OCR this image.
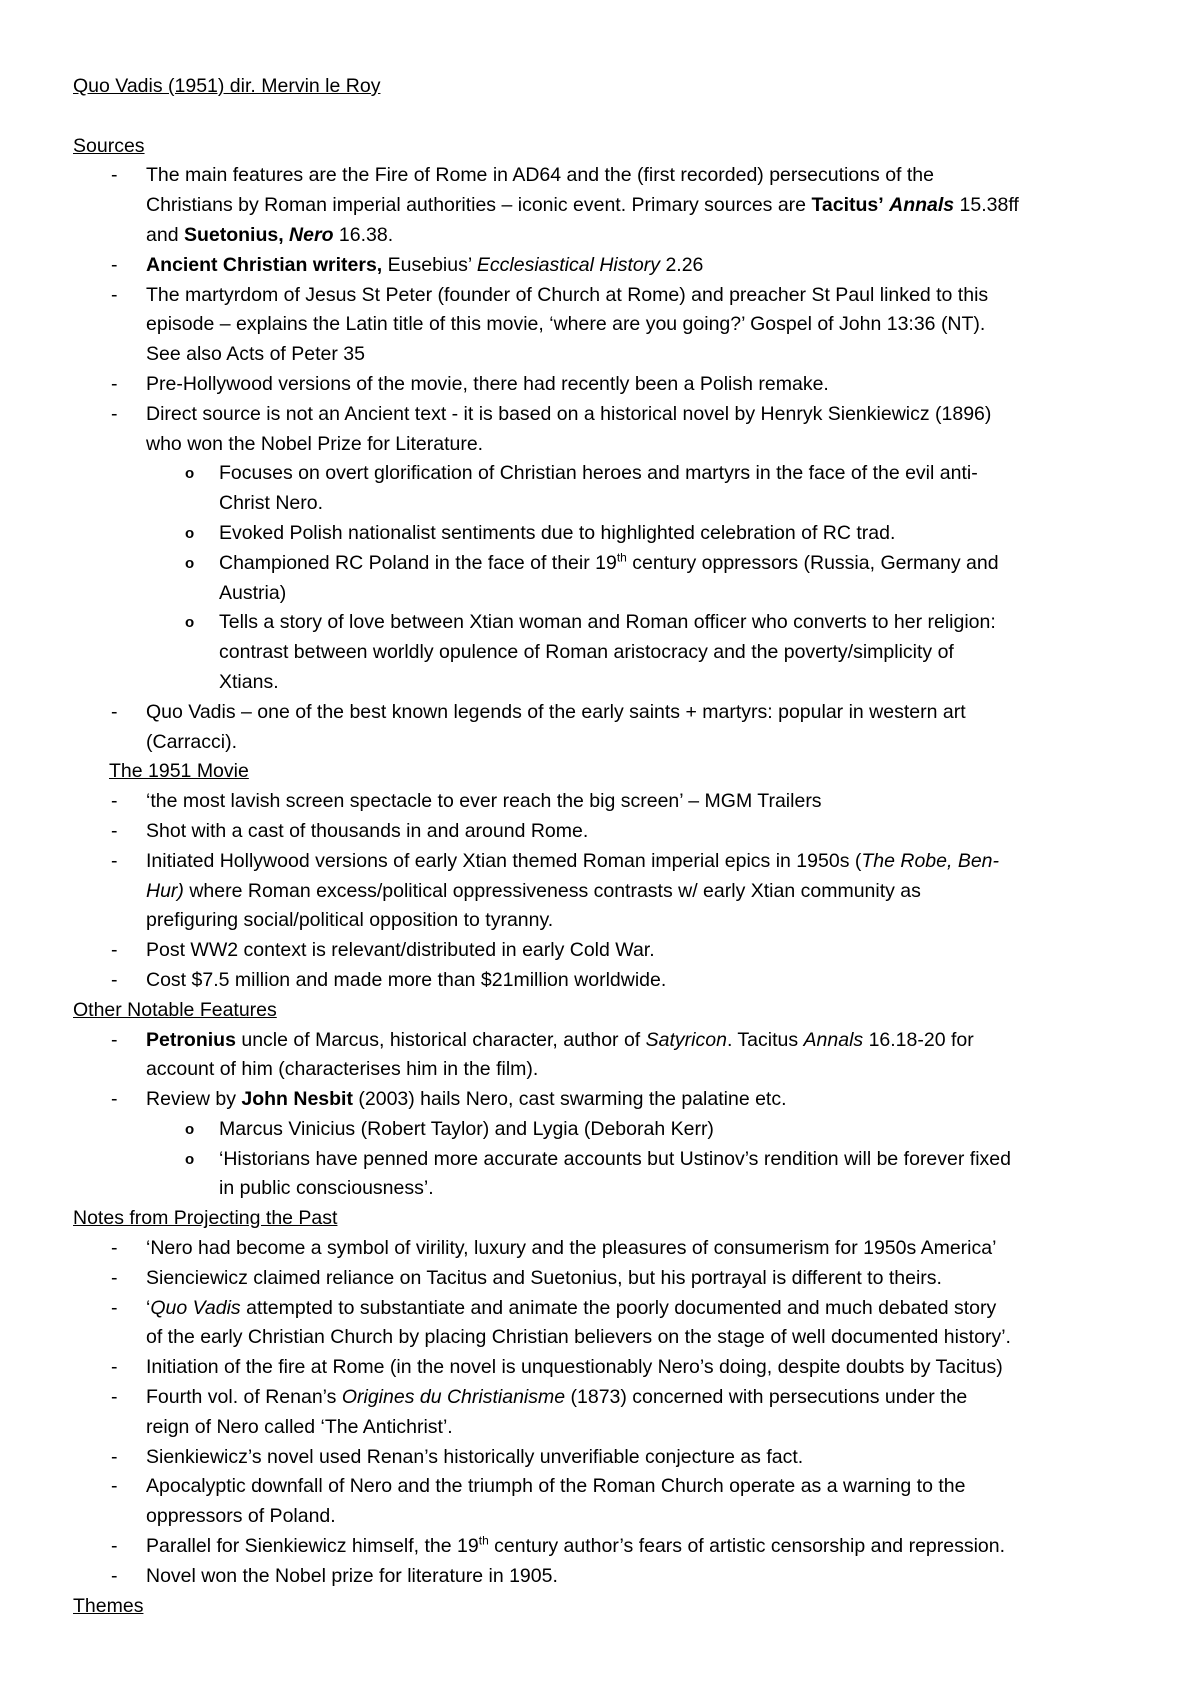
Quo Vadis (1951) dir. Mervin le Roy
Sources
- The main features are the Fire of Rome in AD64 and the (first recorded) persecutions of the
Christians by Roman imperial authorities – iconic event. Primary sources are Tacitus’ Annals 15.38ff
and Suetonius, Nero 16.38.
- Ancient Christian writers, Eusebius’ Ecclesiastical History 2.26
- The martyrdom of Jesus St Peter (founder of Church at Rome) and preacher St Paul linked to this
episode – explains the Latin title of this movie, ‘where are you going?’ Gospel of John 13:36 (NT).
See also Acts of Peter 35
- Pre-Hollywood versions of the movie, there had recently been a Polish remake.
- Direct source is not an Ancient text - it is based on a historical novel by Henryk Sienkiewicz (1896)
who won the Nobel Prize for Literature.
o Focuses on overt glorification of Christian heroes and martyrs in the face of the evil anti-
Christ Nero.
o Evoked Polish nationalist sentiments due to highlighted celebration of RC trad.
o Championed RC Poland in the face of their 19th century oppressors (Russia, Germany and
Austria)
o Tells a story of love between Xtian woman and Roman officer who converts to her religion:
contrast between worldly opulence of Roman aristocracy and the poverty/simplicity of
Xtians.
- Quo Vadis – one of the best known legends of the early saints + martyrs: popular in western art
(Carracci).
The 1951 Movie
- ‘the most lavish screen spectacle to ever reach the big screen’ – MGM Trailers
- Shot with a cast of thousands in and around Rome.
- Initiated Hollywood versions of early Xtian themed Roman imperial epics in 1950s (The Robe, Ben-
Hur) where Roman excess/political oppressiveness contrasts w/ early Xtian community as
prefiguring social/political opposition to tyranny.
- Post WW2 context is relevant/distributed in early Cold War.
- Cost $7.5 million and made more than $21million worldwide.
Other Notable Features
- Petronius uncle of Marcus, historical character, author of Satyricon. Tacitus Annals 16.18-20 for
account of him (characterises him in the film).
- Review by John Nesbit (2003) hails Nero, cast swarming the palatine etc.
o Marcus Vinicius (Robert Taylor) and Lygia (Deborah Kerr)
o ‘Historians have penned more accurate accounts but Ustinov’s rendition will be forever fixed
in public consciousness’.
Notes from Projecting the Past
- ‘Nero had become a symbol of virility, luxury and the pleasures of consumerism for 1950s America’
- Sienciewicz claimed reliance on Tacitus and Suetonius, but his portrayal is different to theirs.
- ‘Quo Vadis attempted to substantiate and animate the poorly documented and much debated story
of the early Christian Church by placing Christian believers on the stage of well documented history’.
- Initiation of the fire at Rome (in the novel is unquestionably Nero’s doing, despite doubts by Tacitus)
- Fourth vol. of Renan’s Origines du Christianisme (1873) concerned with persecutions under the
reign of Nero called ‘The Antichrist’.
- Sienkiewicz’s novel used Renan’s historically unverifiable conjecture as fact.
- Apocalyptic downfall of Nero and the triumph of the Roman Church operate as a warning to the
oppressors of Poland.
- Parallel for Sienkiewicz himself, the 19th century author’s fears of artistic censorship and repression.
- Novel won the Nobel prize for literature in 1905.
Themes
